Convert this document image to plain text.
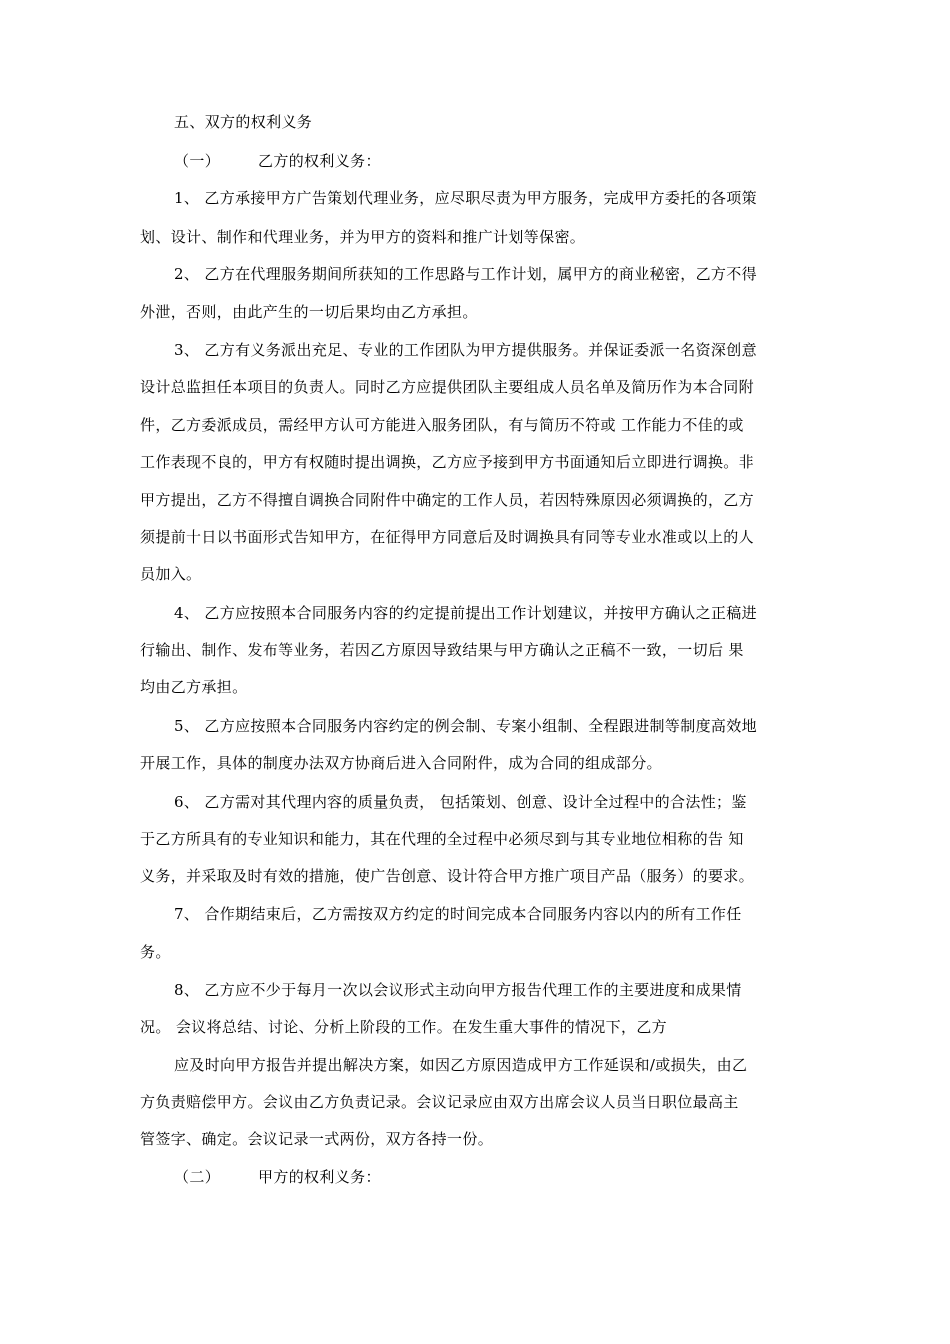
五、双方的权利义务
（一）	乙方的权利义务：
1、 乙方承接甲方广告策划代理业务，应尽职尽责为甲方服务，完成甲方委托的各项策
划、设计、制作和代理业务，并为甲方的资料和推广计划等保密。
2、 乙方在代理服务期间所获知的工作思路与工作计划，属甲方的商业秘密，乙方不得
外泄，否则，由此产生的一切后果均由乙方承担。
3、 乙方有义务派出充足、专业的工作团队为甲方提供服务。并保证委派一名资深创意
设计总监担任本项目的负责人。同时乙方应提供团队主要组成人员名单及简历作为本合同附
件，乙方委派成员，需经甲方认可方能进入服务团队，有与简历不符或 工作能力不佳的或
工作表现不良的，甲方有权随时提出调换，乙方应予接到甲方书面通知后立即进行调换。非
甲方提出，乙方不得擅自调换合同附件中确定的工作人员，若因特殊原因必须调换的，乙方
须提前十日以书面形式告知甲方，在征得甲方同意后及时调换具有同等专业水准或以上的人
员加入。
4、 乙方应按照本合同服务内容的约定提前提出工作计划建议，并按甲方确认之正稿进
行输出、制作、发布等业务，若因乙方原因导致结果与甲方确认之正稿不一致，一切后 果
均由乙方承担。
5、 乙方应按照本合同服务内容约定的例会制、专案小组制、全程跟进制等制度高效地
开展工作，具体的制度办法双方协商后进入合同附件，成为合同的组成部分。
6、 乙方需对其代理内容的质量负责， 包括策划、创意、设计全过程中的合法性；鉴
于乙方所具有的专业知识和能力，其在代理的全过程中必须尽到与其专业地位相称的告 知
义务，并采取及时有效的措施，使广告创意、设计符合甲方推广项目产品（服务）的要求。
7、 合作期结束后，乙方需按双方约定的时间完成本合同服务内容以内的所有工作任
务。
8、 乙方应不少于每月一次以会议形式主动向甲方报告代理工作的主要进度和成果情
况。 会议将总结、讨论、分析上阶段的工作。在发生重大事件的情况下，乙方
应及时向甲方报告并提出解决方案，如因乙方原因造成甲方工作延误和/或损失，由乙
方负责赔偿甲方。会议由乙方负责记录。会议记录应由双方出席会议人员当日职位最高主
管签字、确定。会议记录一式两份，双方各持一份。
（二）	甲方的权利义务：
